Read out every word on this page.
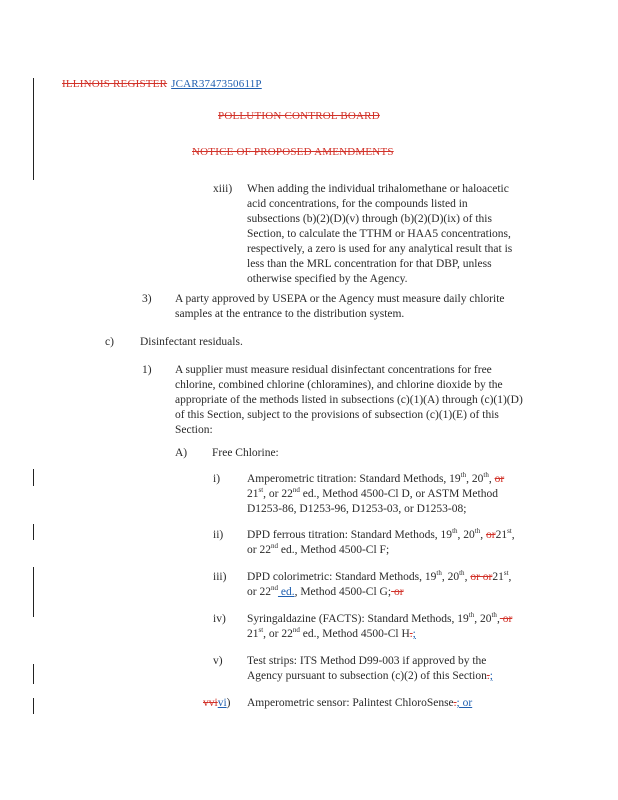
ILLINOIS REGISTER JCAR3747350611P
POLLUTION CONTROL BOARD
NOTICE OF PROPOSED AMENDMENTS
xiii) When adding the individual trihalomethane or haloacetic
acid concentrations, for the compounds listed in
subsections (b)(2)(D)(v) through (b)(2)(D)(ix) of this
Section, to calculate the TTHM or HAA5 concentrations,
respectively, a zero is used for any analytical result that is
less than the MRL concentration for that DBP, unless
otherwise specified by the Agency.
3) A party approved by USEPA or the Agency must measure daily chlorite
samples at the entrance to the distribution system.
c) Disinfectant residuals.
1) A supplier must measure residual disinfectant concentrations for free
chlorine, combined chlorine (chloramines), and chlorine dioxide by the
appropriate of the methods listed in subsections (c)(1)(A) through (c)(1)(D)
of this Section, subject to the provisions of subsection (c)(1)(E) of this
Section:
A) Free Chlorine:
i) Amperometric titration: Standard Methods, 19th, 20th, or
21st, or 22nd ed., Method 4500-Cl D, or ASTM Method
D1253-86, D1253-96, D1253-03, or D1253-08;
ii) DPD ferrous titration: Standard Methods, 19th, 20th, or21st,
or 22nd ed., Method 4500-Cl F;
iii) DPD colorimetric: Standard Methods, 19th, 20th, or or21st,
or 22nd ed., Method 4500-Cl G; or
iv) Syringaldazine (FACTS): Standard Methods, 19th, 20th, or
21st, or 22nd ed., Method 4500-Cl H.;
v) Test strips: ITS Method D99-003 if approved by the
Agency pursuant to subsection (c)(2) of this Section.;
vvivi) Amperometric sensor: Palintest ChloroSense.; or
